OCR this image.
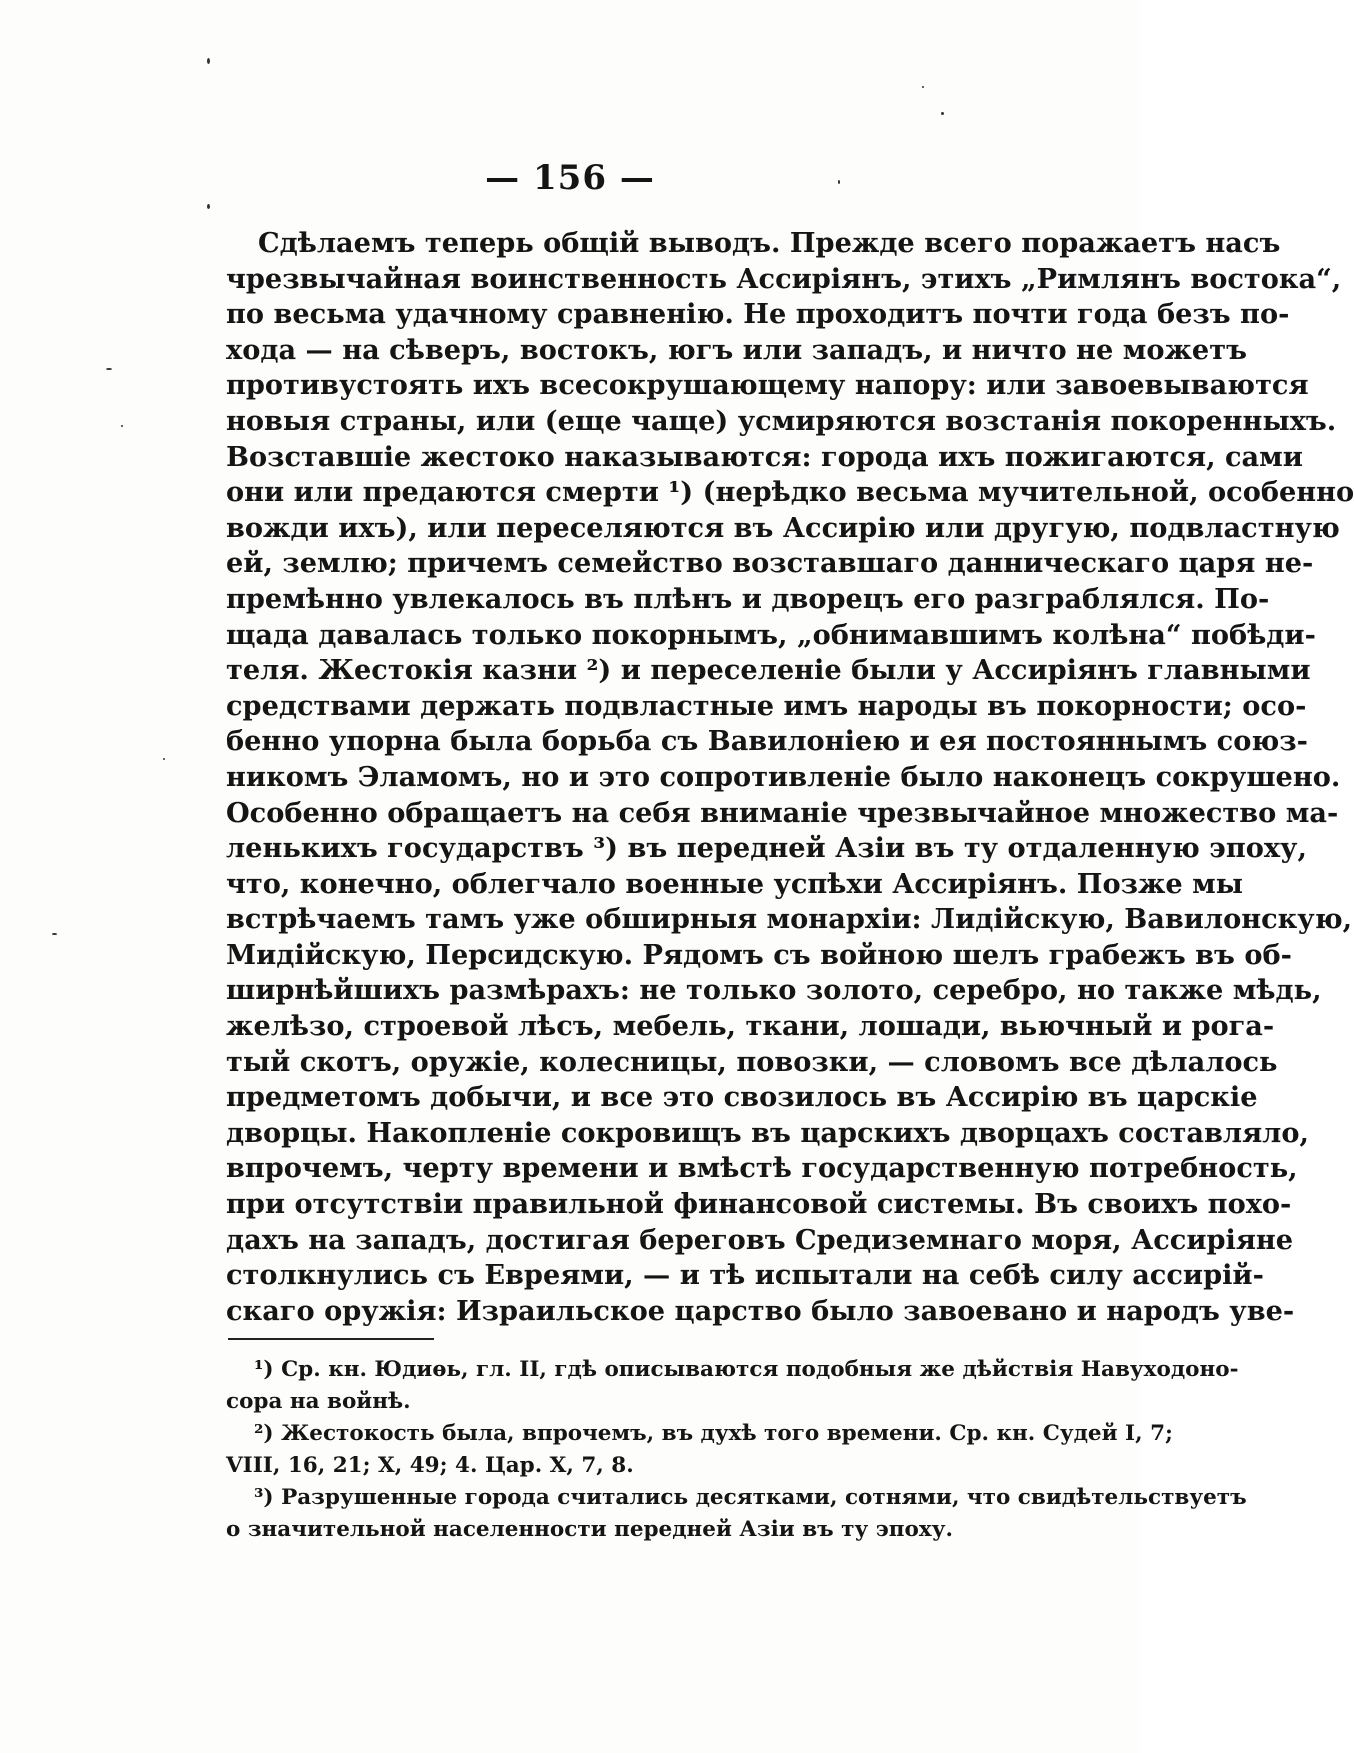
— 156 —
Сдѣлаемъ теперь общій выводъ. Прежде всего поражаетъ насъ
чрезвычайная воинственность Ассиріянъ, этихъ „Римлянъ востока“,
по весьма удачному сравненію. Не проходитъ почти года безъ по-
хода — на сѣверъ, востокъ, югъ или западъ, и ничто не можетъ
противустоять ихъ всесокрушающему напору: или завоевываются
новыя страны, или (еще чаще) усмиряются возстанія покоренныхъ.
Возставшіе жестоко наказываются: города ихъ пожигаются, сами
они или предаются смерти ¹) (нерѣдко весьма мучительной, особенно
вожди ихъ), или переселяются въ Ассирію или другую, подвластную
ей, землю; причемъ семейство возставшаго данническаго царя не-
премѣнно увлекалось въ плѣнъ и дворецъ его разграблялся. По-
щада давалась только покорнымъ, „обнимавшимъ колѣна“ побѣди-
теля. Жестокія казни ²) и переселеніе были у Ассиріянъ главными
средствами держать подвластные имъ народы въ покорности; осо-
бенно упорна была борьба съ Вавилоніею и ея постояннымъ союз-
никомъ Эламомъ, но и это сопротивленіе было наконецъ сокрушено.
Особенно обращаетъ на себя вниманіе чрезвычайное множество ма-
ленькихъ государствъ ³) въ передней Азіи въ ту отдаленную эпоху,
что, конечно, облегчало военные успѣхи Ассиріянъ. Позже мы
встрѣчаемъ тамъ уже обширныя монархіи: Лидійскую, Вавилонскую,
Мидійскую, Персидскую. Рядомъ съ войною шелъ грабежъ въ об-
ширнѣйшихъ размѣрахъ: не только золото, серебро, но также мѣдь,
желѣзо, строевой лѣсъ, мебель, ткани, лошади, вьючный и рога-
тый скотъ, оружіе, колесницы, повозки, — словомъ все дѣлалось
предметомъ добычи, и все это свозилось въ Ассирію въ царскіе
дворцы. Накопленіе сокровищъ въ царскихъ дворцахъ составляло,
впрочемъ, черту времени и вмѣстѣ государственную потребность,
при отсутствіи правильной финансовой системы. Въ своихъ похо-
дахъ на западъ, достигая береговъ Средиземнаго моря, Ассиріяне
столкнулись съ Евреями, — и тѣ испытали на себѣ силу ассирій-
скаго оружія: Израильское царство было завоевано и народъ уве-
¹) Ср. кн. Юдиѳь, гл. II, гдѣ описываются подобныя же дѣйствія Навуходоно-
сора на войнѣ.
²) Жестокость была, впрочемъ, въ духѣ того времени. Ср. кн. Судей I, 7;
VIII, 16, 21; X, 49; 4. Цар. X, 7, 8.
³) Разрушенные города считались десятками, сотнями, что свидѣтельствуетъ
о значительной населенности передней Азіи въ ту эпоху.
